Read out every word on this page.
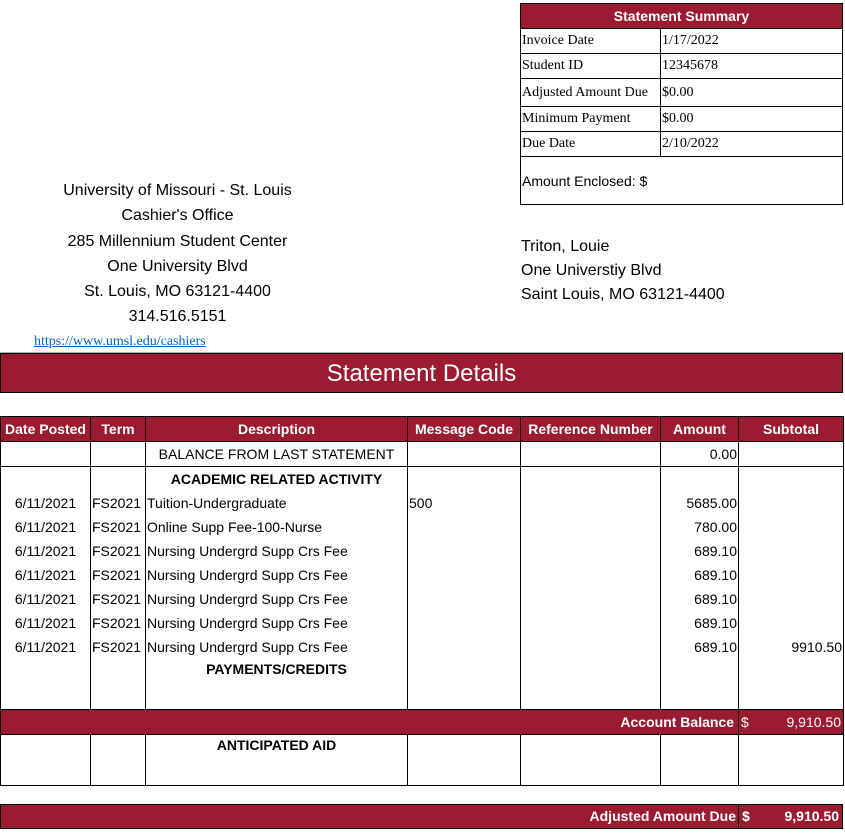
Statement Summary
Invoice Date	1/17/2022
Student ID	12345678
Adjusted Amount Due	$0.00
Minimum Payment	$0.00
Due Date	2/10/2022
Amount Enclosed: $
University of Missouri - St. Louis
Cashier's Office
285 Millennium Student Center
One University Blvd
St. Louis, MO 63121-4400
314.516.5151
Triton, Louie
One Universtiy Blvd
Saint Louis, MO 63121-4400
https://www.umsl.edu/cashiers
Statement Details
Date Posted	Term	Description	Message Code	Reference Number	Amount	Subtotal
		BALANCE FROM LAST STATEMENT			0.00	
		ACADEMIC RELATED ACTIVITY				
6/11/2021	FS2021	Tuition-Undergraduate	500		5685.00	
6/11/2021	FS2021	Online Supp Fee-100-Nurse			780.00	
6/11/2021	FS2021	Nursing Undergrd Supp Crs Fee			689.10	
6/11/2021	FS2021	Nursing Undergrd Supp Crs Fee			689.10	
6/11/2021	FS2021	Nursing Undergrd Supp Crs Fee			689.10	
6/11/2021	FS2021	Nursing Undergrd Supp Crs Fee			689.10	
6/11/2021	FS2021	Nursing Undergrd Supp Crs Fee			689.10	9910.50
		PAYMENTS/CREDITS				
Account Balance						$ 9,910.50

		ANTICIPATED AID				
Adjusted Amount Due $ 9,910.50
